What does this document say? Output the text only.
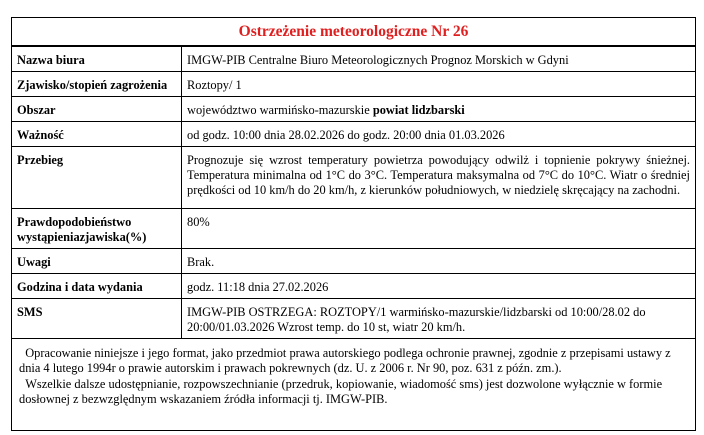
Ostrzeżenie meteorologiczne Nr 26
Nazwa biura	IMGW-PIB Centralne Biuro Meteorologicznych Prognoz Morskich w Gdyni
Zjawisko/stopień zagrożenia	Roztopy/ 1
Obszar	województwo warmińsko-mazurskie powiat lidzbarski
Ważność	od godz. 10:00 dnia 28.02.2026 do godz. 20:00 dnia 01.03.2026
Przebieg	Prognozuje się wzrost temperatury powietrza powodujący odwilż i topnienie pokrywy śnieżnej. Temperatura minimalna od 1°C do 3°C. Temperatura maksymalna od 7°C do 10°C. Wiatr o średniej prędkości od 10 km/h do 20 km/h, z kierunków południowych, w niedzielę skręcający na zachodni.
Prawdopodobieństwo wystąpieniazjawiska(%)	80%
Uwagi	Brak.
Godzina i data wydania	godz. 11:18 dnia 27.02.2026
SMS	IMGW-PIB OSTRZEGA: ROZTOPY/1 warmińsko-mazurskie/lidzbarski od 10:00/28.02 do 20:00/01.03.2026 Wzrost temp. do 10 st, wiatr 20 km/h.

Opracowanie niniejsze i jego format, jako przedmiot prawa autorskiego podlega ochronie prawnej, zgodnie z przepisami ustawy z dnia 4 lutego 1994r o prawie autorskim i prawach pokrewnych (dz. U. z 2006 r. Nr 90, poz. 631 z późn. zm.).

Wszelkie dalsze udostępnianie, rozpowszechnianie (przedruk, kopiowanie, wiadomość sms) jest dozwolone wyłącznie w formie dosłownej z bezwzględnym wskazaniem źródła informacji tj. IMGW-PIB.
